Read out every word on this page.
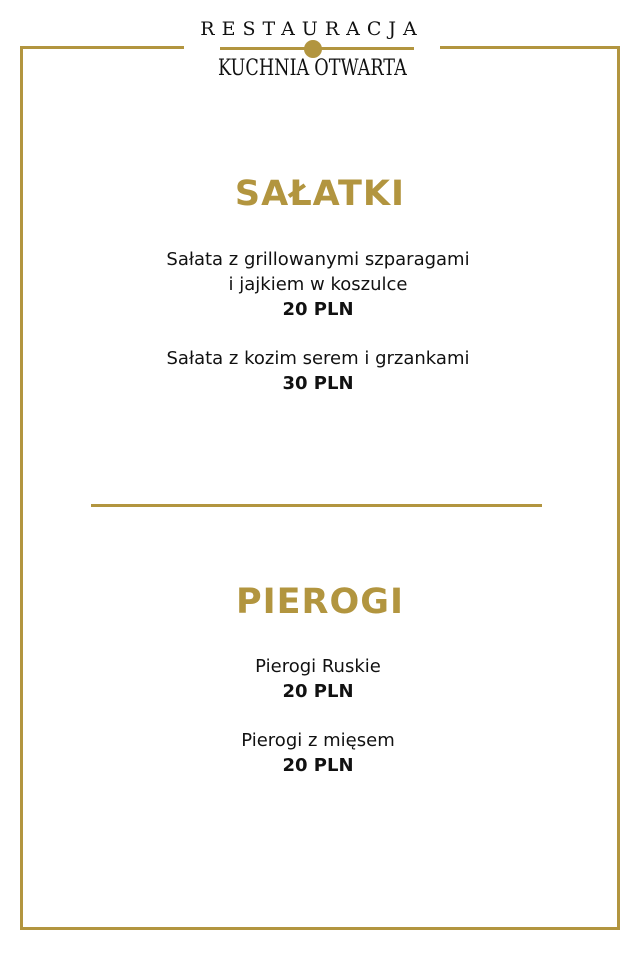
RESTAURACJA
KUCHNIA OTWARTA
SAŁATKI
Sałata z grillowanymi szparagami
i jajkiem w koszulce
20 PLN
Sałata z kozim serem i grzankami
30 PLN
PIEROGI
Pierogi Ruskie
20 PLN
Pierogi z mięsem
20 PLN
